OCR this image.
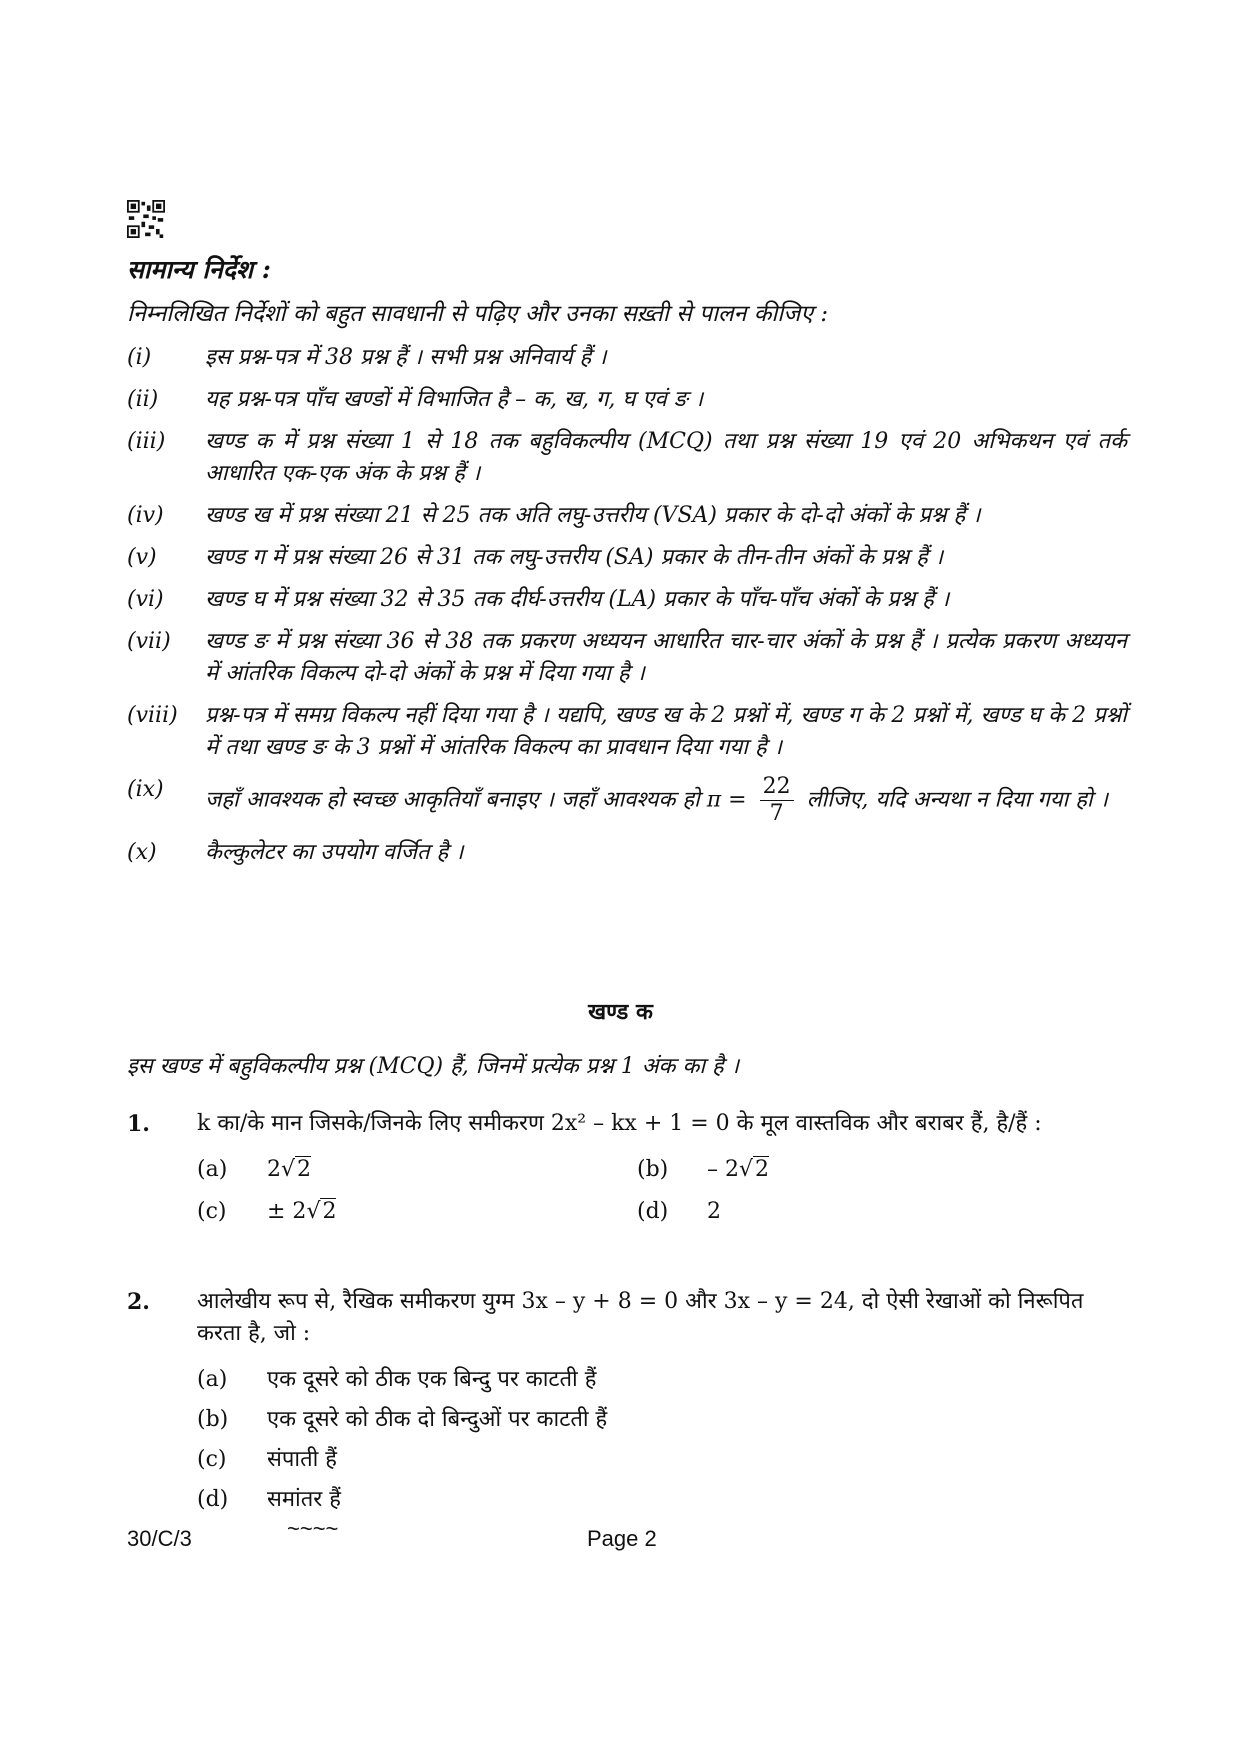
सामान्य निर्देश :
निम्नलिखित निर्देशों को बहुत सावधानी से पढ़िए और उनका सख़्ती से पालन कीजिए :
(i)	इस प्रश्न-पत्र में 38 प्रश्न हैं । सभी प्रश्न अनिवार्य हैं ।
(ii)	यह प्रश्न-पत्र पाँच खण्डों में विभाजित है – क, ख, ग, घ एवं ङ ।
(iii)	खण्ड क में प्रश्न संख्या 1 से 18 तक बहुविकल्पीय (MCQ) तथा प्रश्न संख्या 19 एवं 20 अभिकथन एवं तर्क आधारित एक-एक अंक के प्रश्न हैं ।
(iv)	खण्ड ख में प्रश्न संख्या 21 से 25 तक अति लघु-उत्तरीय (VSA) प्रकार के दो-दो अंकों के प्रश्न हैं ।
(v)	खण्ड ग में प्रश्न संख्या 26 से 31 तक लघु-उत्तरीय (SA) प्रकार के तीन-तीन अंकों के प्रश्न हैं ।
(vi)	खण्ड घ में प्रश्न संख्या 32 से 35 तक दीर्घ-उत्तरीय (LA) प्रकार के पाँच-पाँच अंकों के प्रश्न हैं ।
(vii)	खण्ड ङ में प्रश्न संख्या 36 से 38 तक प्रकरण अध्ययन आधारित चार-चार अंकों के प्रश्न हैं । प्रत्येक प्रकरण अध्ययन में आंतरिक विकल्प दो-दो अंकों के प्रश्न में दिया गया है ।
(viii)	प्रश्न-पत्र में समग्र विकल्प नहीं दिया गया है । यद्यपि, खण्ड ख के 2 प्रश्नों में, खण्ड ग के 2 प्रश्नों में, खण्ड घ के 2 प्रश्नों में तथा खण्ड ङ के 3 प्रश्नों में आंतरिक विकल्प का प्रावधान दिया गया है ।
(ix)	जहाँ आवश्यक हो स्वच्छ आकृतियाँ बनाइए । जहाँ आवश्यक हो $\pi = \frac{22}{7}$ लीजिए, यदि अन्यथा न दिया गया हो ।
(x)	कैल्कुलेटर का उपयोग वर्जित है ।
खण्ड क
इस खण्ड में बहुविकल्पीय प्रश्न (MCQ) हैं, जिनमें प्रत्येक प्रश्न 1 अंक का है ।
1. k का/के मान जिसके/जिनके लिए समीकरण 2x² – kx + 1 = 0 के मूल वास्तविक और बराबर हैं, है/हैं :
(a)	2√2	(b)	– 2√2
(c)	± 2√2	(d)	2
2. आलेखीय रूप से, रैखिक समीकरण युग्म 3x – y + 8 = 0 और 3x – y = 24, दो ऐसी रेखाओं को निरूपित करता है, जो :
(a)	एक दूसरे को ठीक एक बिन्दु पर काटती हैं
(b)	एक दूसरे को ठीक दो बिन्दुओं पर काटती हैं
(c)	संपाती हैं
(d)	समांतर हैं
30/C/3	~~~~	Page 2
